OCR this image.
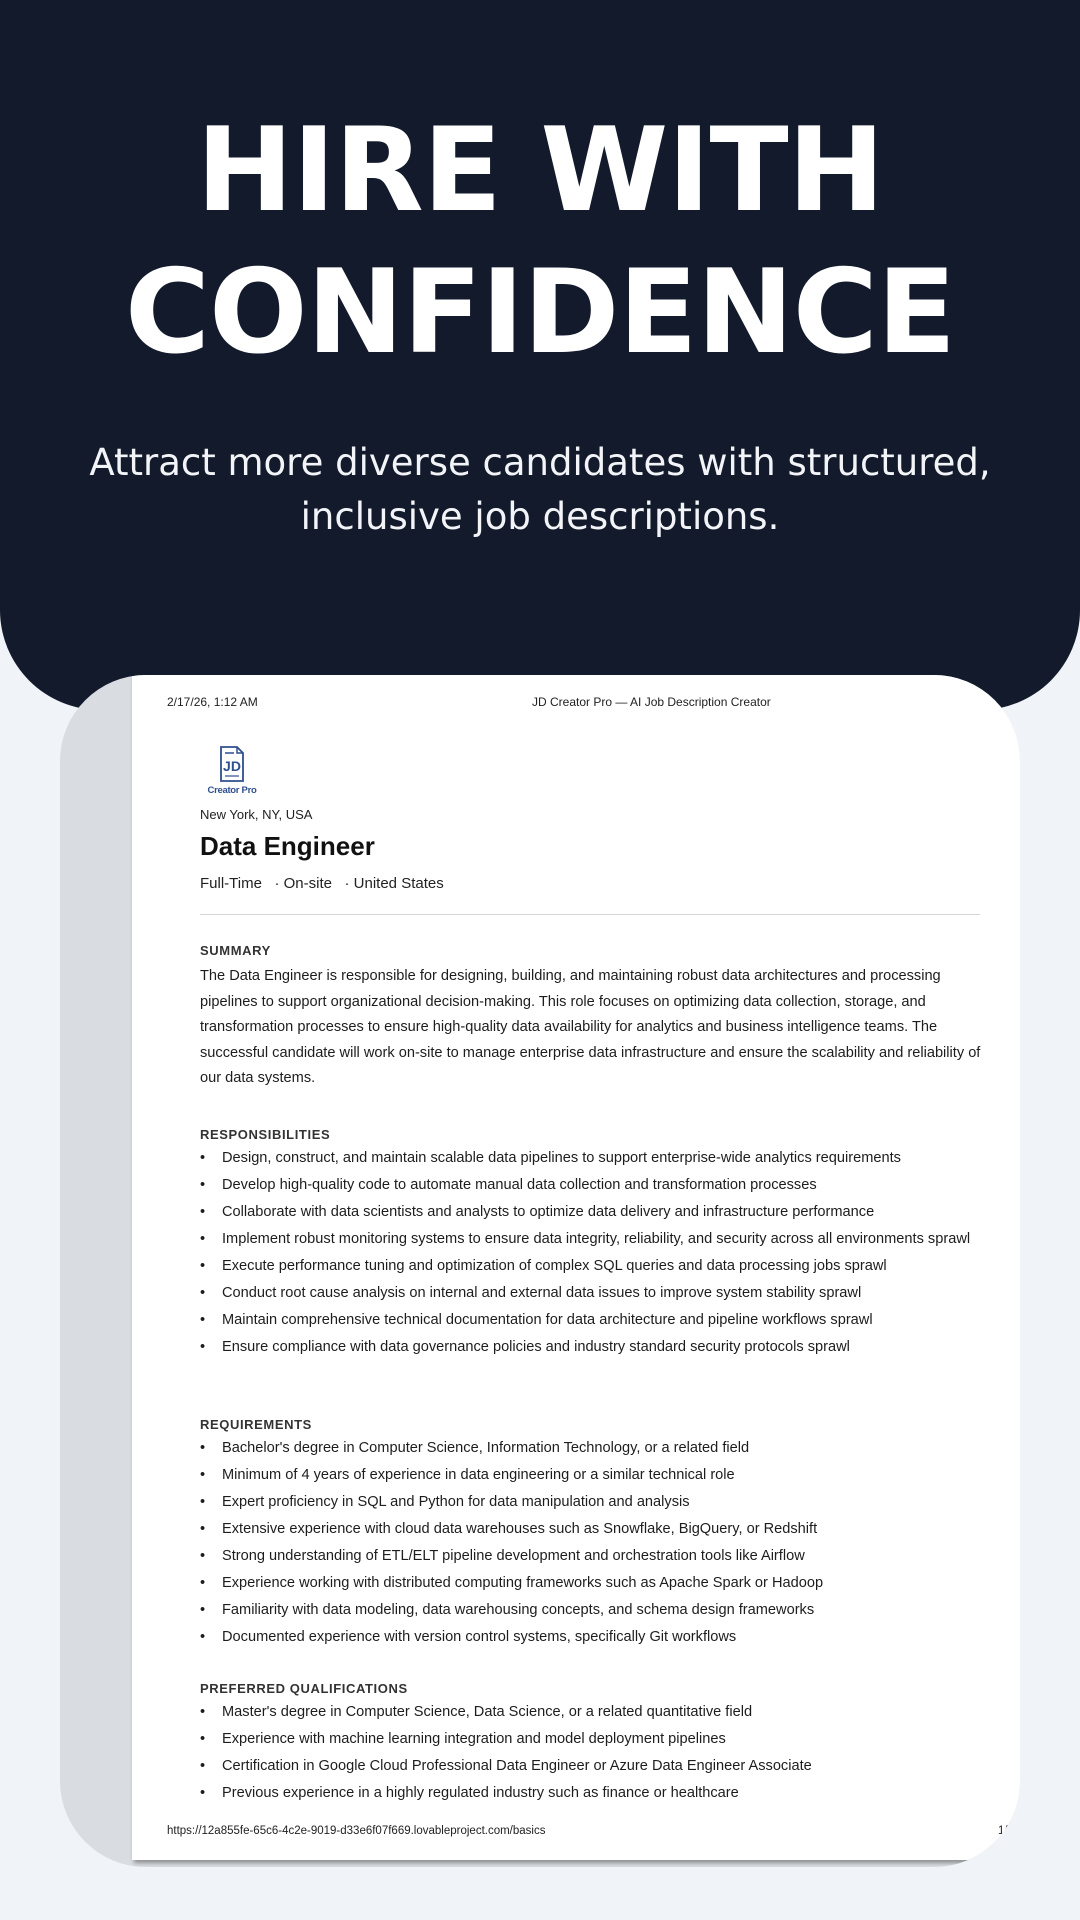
HIRE WITH
CONFIDENCE
Attract more diverse candidates with structured,
inclusive job descriptions.
2/17/26, 1:12 AM	JD Creator Pro — AI Job Description Creator
JD
Creator Pro
New York, NY, USA
Data Engineer
Full-Time · On-site · United States
SUMMARY

The Data Engineer is responsible for designing, building, and maintaining robust data architectures and processing pipelines to support organizational decision-making. This role focuses on optimizing data collection, storage, and transformation processes to ensure high-quality data availability for analytics and business intelligence teams. The successful candidate will work on-site to manage enterprise data infrastructure and ensure the scalability and reliability of our data systems.

RESPONSIBILITIES
•	Design, construct, and maintain scalable data pipelines to support enterprise-wide analytics requirements
•	Develop high-quality code to automate manual data collection and transformation processes
•	Collaborate with data scientists and analysts to optimize data delivery and infrastructure performance
•	Implement robust monitoring systems to ensure data integrity, reliability, and security across all environments sprawl
•	Execute performance tuning and optimization of complex SQL queries and data processing jobs sprawl
•	Conduct root cause analysis on internal and external data issues to improve system stability sprawl
•	Maintain comprehensive technical documentation for data architecture and pipeline workflows sprawl
•	Ensure compliance with data governance policies and industry standard security protocols sprawl
REQUIREMENTS
•	Bachelor's degree in Computer Science, Information Technology, or a related field
•	Minimum of 4 years of experience in data engineering or a similar technical role
•	Expert proficiency in SQL and Python for data manipulation and analysis
•	Extensive experience with cloud data warehouses such as Snowflake, BigQuery, or Redshift
•	Strong understanding of ETL/ELT pipeline development and orchestration tools like Airflow
•	Experience working with distributed computing frameworks such as Apache Spark or Hadoop
•	Familiarity with data modeling, data warehousing concepts, and schema design frameworks
•	Documented experience with version control systems, specifically Git workflows
PREFERRED QUALIFICATIONS
•	Master's degree in Computer Science, Data Science, or a related quantitative field
•	Experience with machine learning integration and model deployment pipelines
•	Certification in Google Cloud Professional Data Engineer or Azure Data Engineer Associate
•	Previous experience in a highly regulated industry such as finance or healthcare
https://12a855fe-65c6-4c2e-9019-d33e6f07f669.lovableproject.com/basics	1/
